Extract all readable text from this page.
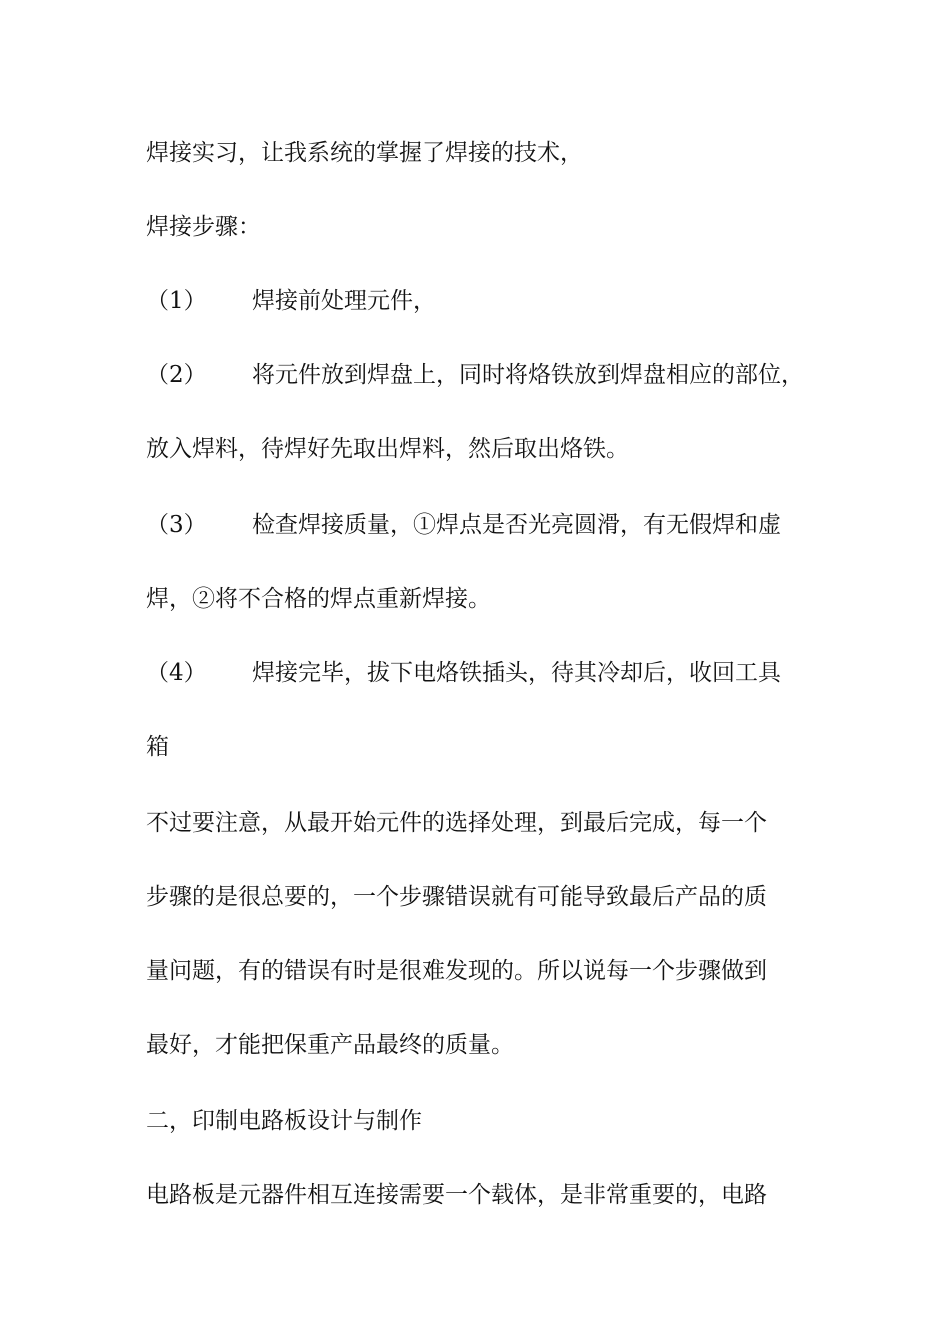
焊接实习，让我系统的掌握了焊接的技术，
焊接步骤：
（1） 焊接前处理元件，
（2） 将元件放到焊盘上，同时将烙铁放到焊盘相应的部位，
放入焊料，待焊好先取出焊料，然后取出烙铁。
（3） 检查焊接质量，①焊点是否光亮圆滑，有无假焊和虚
焊，②将不合格的焊点重新焊接。
（4） 焊接完毕，拔下电烙铁插头，待其冷却后，收回工具
箱
不过要注意，从最开始元件的选择处理，到最后完成，每一个
步骤的是很总要的，一个步骤错误就有可能导致最后产品的质
量问题，有的错误有时是很难发现的。所以说每一个步骤做到
最好，才能把保重产品最终的质量。
二，印制电路板设计与制作
电路板是元器件相互连接需要一个载体，是非常重要的，电路
